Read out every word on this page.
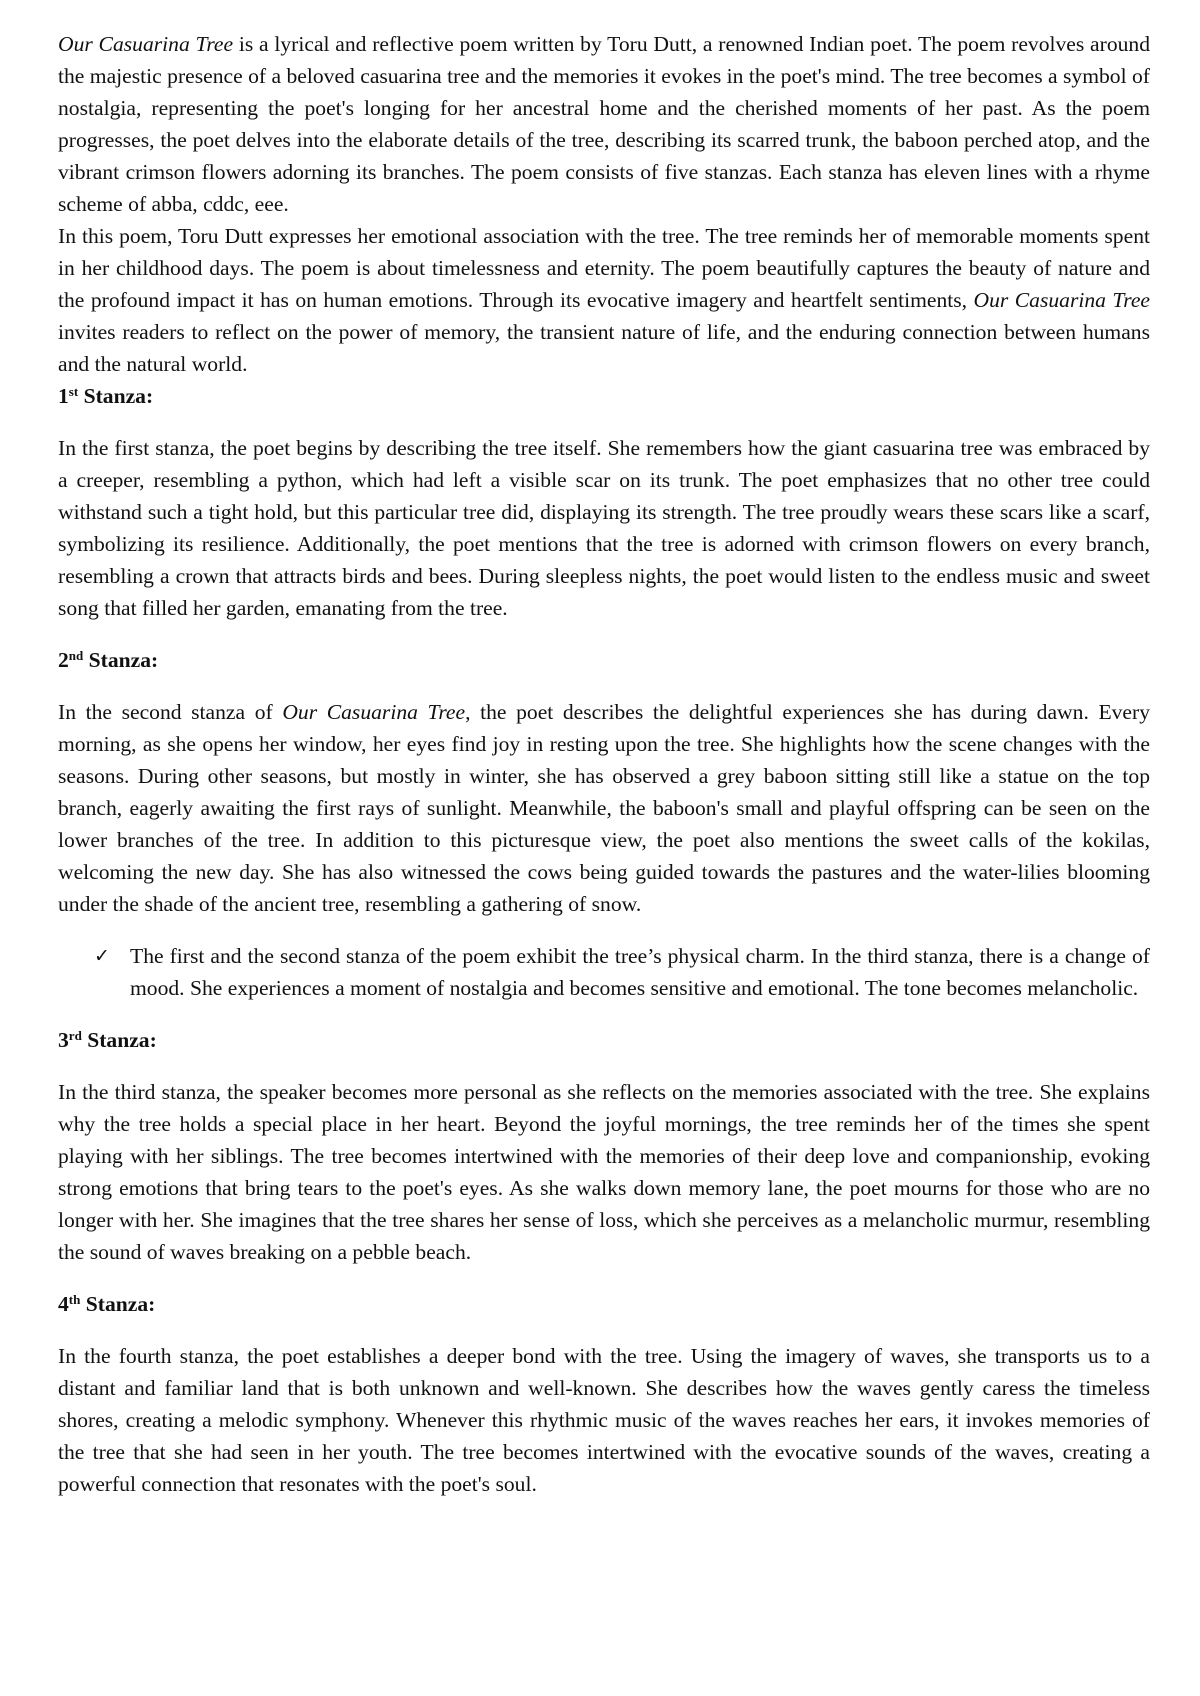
Our Casuarina Tree is a lyrical and reflective poem written by Toru Dutt, a renowned Indian poet. The poem revolves around the majestic presence of a beloved casuarina tree and the memories it evokes in the poet's mind. The tree becomes a symbol of nostalgia, representing the poet's longing for her ancestral home and the cherished moments of her past. As the poem progresses, the poet delves into the elaborate details of the tree, describing its scarred trunk, the baboon perched atop, and the vibrant crimson flowers adorning its branches. The poem consists of five stanzas. Each stanza has eleven lines with a rhyme scheme of abba, cddc, eee.

In this poem, Toru Dutt expresses her emotional association with the tree. The tree reminds her of memorable moments spent in her childhood days. The poem is about timelessness and eternity. The poem beautifully captures the beauty of nature and the profound impact it has on human emotions. Through its evocative imagery and heartfelt sentiments, Our Casuarina Tree invites readers to reflect on the power of memory, the transient nature of life, and the enduring connection between humans and the natural world.

1st Stanza:

In the first stanza, the poet begins by describing the tree itself. She remembers how the giant casuarina tree was embraced by a creeper, resembling a python, which had left a visible scar on its trunk. The poet emphasizes that no other tree could withstand such a tight hold, but this particular tree did, displaying its strength. The tree proudly wears these scars like a scarf, symbolizing its resilience. Additionally, the poet mentions that the tree is adorned with crimson flowers on every branch, resembling a crown that attracts birds and bees. During sleepless nights, the poet would listen to the endless music and sweet song that filled her garden, emanating from the tree.

2nd Stanza:

In the second stanza of Our Casuarina Tree, the poet describes the delightful experiences she has during dawn. Every morning, as she opens her window, her eyes find joy in resting upon the tree. She highlights how the scene changes with the seasons. During other seasons, but mostly in winter, she has observed a grey baboon sitting still like a statue on the top branch, eagerly awaiting the first rays of sunlight. Meanwhile, the baboon's small and playful offspring can be seen on the lower branches of the tree. In addition to this picturesque view, the poet also mentions the sweet calls of the kokilas, welcoming the new day. She has also witnessed the cows being guided towards the pastures and the water-lilies blooming under the shade of the ancient tree, resembling a gathering of snow.

✓ The first and the second stanza of the poem exhibit the tree’s physical charm. In the third stanza, there is a change of mood. She experiences a moment of nostalgia and becomes sensitive and emotional. The tone becomes melancholic.

3rd Stanza:

In the third stanza, the speaker becomes more personal as she reflects on the memories associated with the tree. She explains why the tree holds a special place in her heart. Beyond the joyful mornings, the tree reminds her of the times she spent playing with her siblings. The tree becomes intertwined with the memories of their deep love and companionship, evoking strong emotions that bring tears to the poet's eyes. As she walks down memory lane, the poet mourns for those who are no longer with her. She imagines that the tree shares her sense of loss, which she perceives as a melancholic murmur, resembling the sound of waves breaking on a pebble beach.

4th Stanza:

In the fourth stanza, the poet establishes a deeper bond with the tree. Using the imagery of waves, she transports us to a distant and familiar land that is both unknown and well-known. She describes how the waves gently caress the timeless shores, creating a melodic symphony. Whenever this rhythmic music of the waves reaches her ears, it invokes memories of the tree that she had seen in her youth. The tree becomes intertwined with the evocative sounds of the waves, creating a powerful connection that resonates with the poet's soul.
